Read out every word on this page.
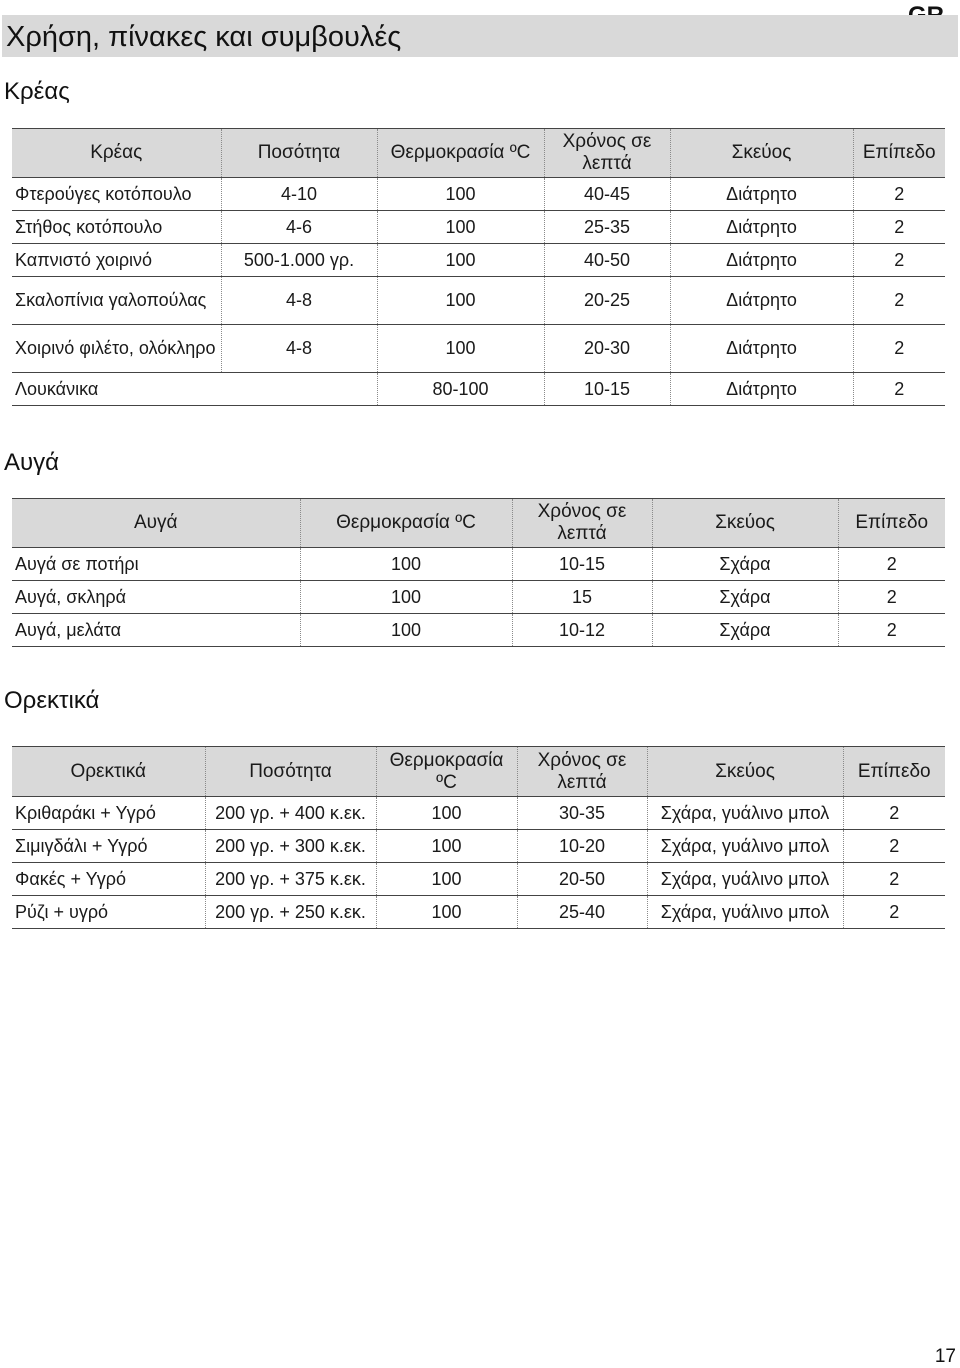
Χρήση, πίνακες και συμβουλές
Κρέας
Κρέας	Ποσότητα	Θερμοκρασία ºC	Χρόνος σε λεπτά	Σκεύος	Επίπεδο
Φτερούγες κοτόπουλο	4-10	100	40-45	Διάτρητο	2
Στήθος κοτόπουλο	4-6	100	25-35	Διάτρητο	2
Καπνιστό χοιρινό	500-1.000 γρ.	100	40-50	Διάτρητο	2
Σκαλοπίνια γαλοπούλας	4-8	100	20-25	Διάτρητο	2
Χοιρινό φιλέτο, ολόκληρο	4-8	100	20-30	Διάτρητο	2
Λουκάνικα		80-100	10-15	Διάτρητο	2
Αυγά
Αυγά	Θερμοκρασία ºC	Χρόνος σε λεπτά	Σκεύος	Επίπεδο
Αυγά σε ποτήρι	100	10-15	Σχάρα	2
Αυγά, σκληρά	100	15	Σχάρα	2
Αυγά, μελάτα	100	10-12	Σχάρα	2
Ορεκτικά
Ορεκτικά	Ποσότητα	Θερμοκρασία ºC	Χρόνος σε λεπτά	Σκεύος	Επίπεδο
Κριθαράκι + Υγρό	200 γρ. + 400 κ.εκ.	100	30-35	Σχάρα, γυάλινο μπολ	2
Σιμιγδάλι + Υγρό	200 γρ. + 300 κ.εκ.	100	10-20	Σχάρα, γυάλινο μπολ	2
Φακές + Υγρό	200 γρ. + 375 κ.εκ.	100	20-50	Σχάρα, γυάλινο μπολ	2
Ρύζι + υγρό	200 γρ. + 250 κ.εκ.	100	25-40	Σχάρα, γυάλινο μπολ	2
17
